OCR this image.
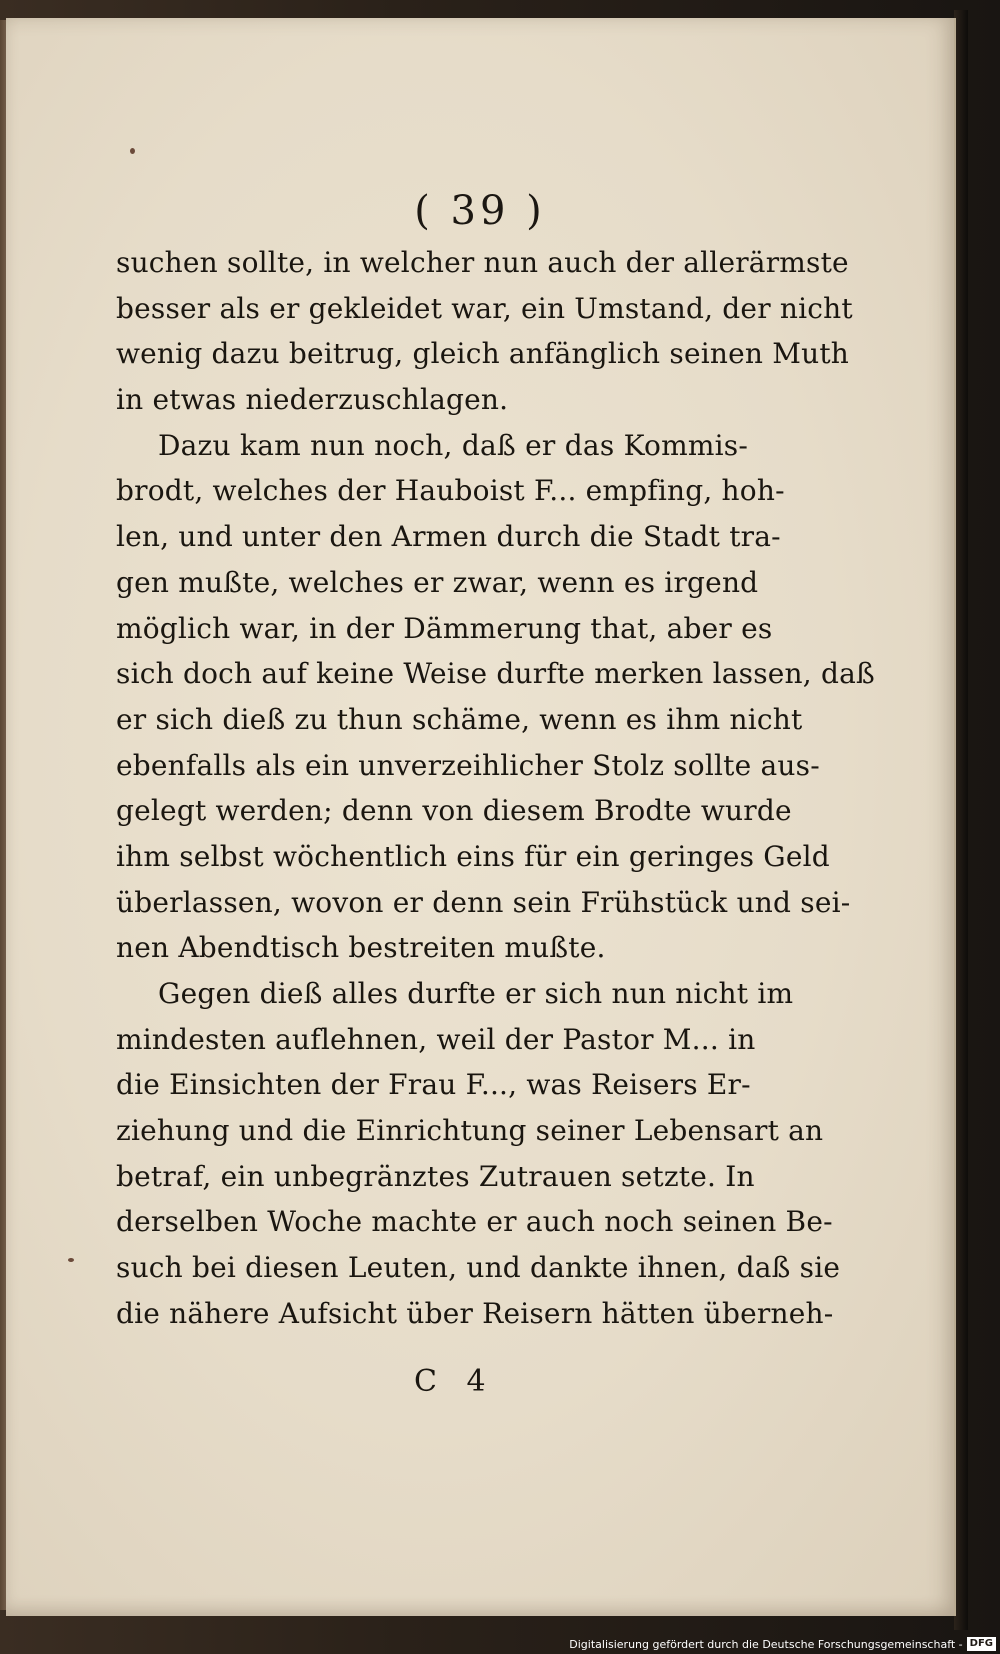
( 39 )
suchen sollte, in welcher nun auch der allerärmste
besser als er gekleidet war, ein Umstand, der nicht
wenig dazu beitrug, gleich anfänglich seinen Muth
in etwas niederzuschlagen.
Dazu kam nun noch, daß er das Kommis-
brodt, welches der Hauboist F... empfing, hoh-
len, und unter den Armen durch die Stadt tra-
gen mußte, welches er zwar, wenn es irgend
möglich war, in der Dämmerung that, aber es
sich doch auf keine Weise durfte merken lassen, daß
er sich dieß zu thun schäme, wenn es ihm nicht
ebenfalls als ein unverzeihlicher Stolz sollte aus-
gelegt werden; denn von diesem Brodte wurde
ihm selbst wöchentlich eins für ein geringes Geld
überlassen, wovon er denn sein Frühstück und sei-
nen Abendtisch bestreiten mußte.
Gegen dieß alles durfte er sich nun nicht im
mindesten auflehnen, weil der Pastor M... in
die Einsichten der Frau F..., was Reisers Er-
ziehung und die Einrichtung seiner Lebensart an
betraf, ein unbegränztes Zutrauen setzte. In
derselben Woche machte er auch noch seinen Be-
such bei diesen Leuten, und dankte ihnen, daß sie
die nähere Aufsicht über Reisern hätten überneh-
C 4
Digitalisierung gefördert durch die Deutsche Forschungsgemeinschaft - DFG
